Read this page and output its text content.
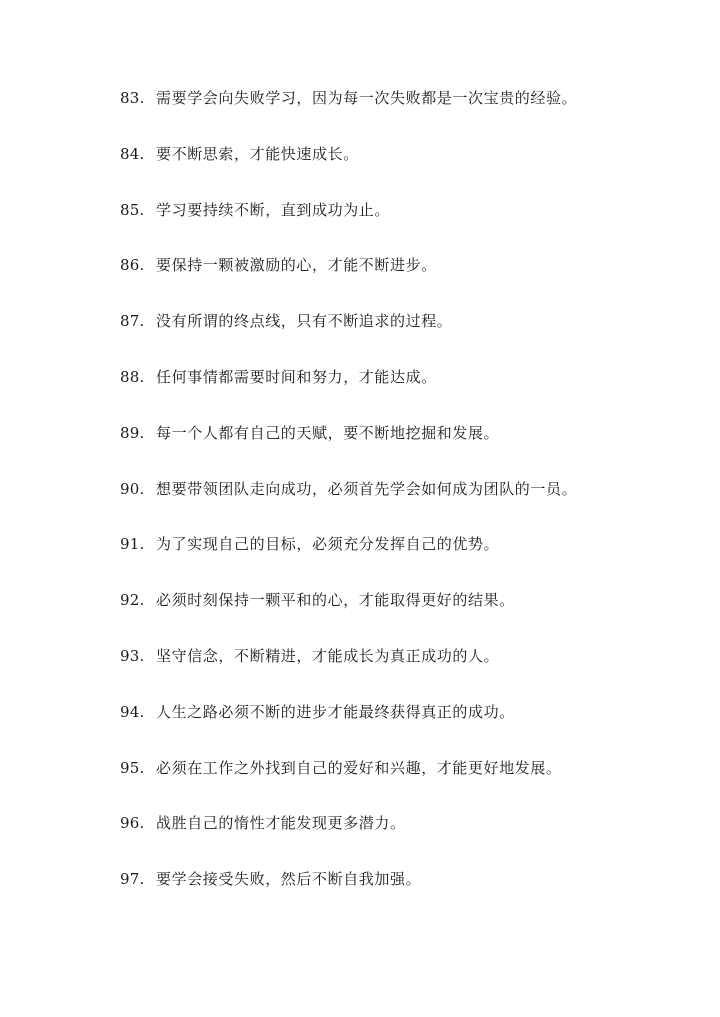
83. 需要学会向失败学习，因为每一次失败都是一次宝贵的经验。
84. 要不断思索，才能快速成长。
85. 学习要持续不断，直到成功为止。
86. 要保持一颗被激励的心，才能不断进步。
87. 没有所谓的终点线，只有不断追求的过程。
88. 任何事情都需要时间和努力，才能达成。
89. 每一个人都有自己的天赋，要不断地挖掘和发展。
90. 想要带领团队走向成功，必须首先学会如何成为团队的一员。
91. 为了实现自己的目标，必须充分发挥自己的优势。
92. 必须时刻保持一颗平和的心，才能取得更好的结果。
93. 坚守信念，不断精进，才能成长为真正成功的人。
94. 人生之路必须不断的进步才能最终获得真正的成功。
95. 必须在工作之外找到自己的爱好和兴趣，才能更好地发展。
96. 战胜自己的惰性才能发现更多潜力。
97. 要学会接受失败，然后不断自我加强。
